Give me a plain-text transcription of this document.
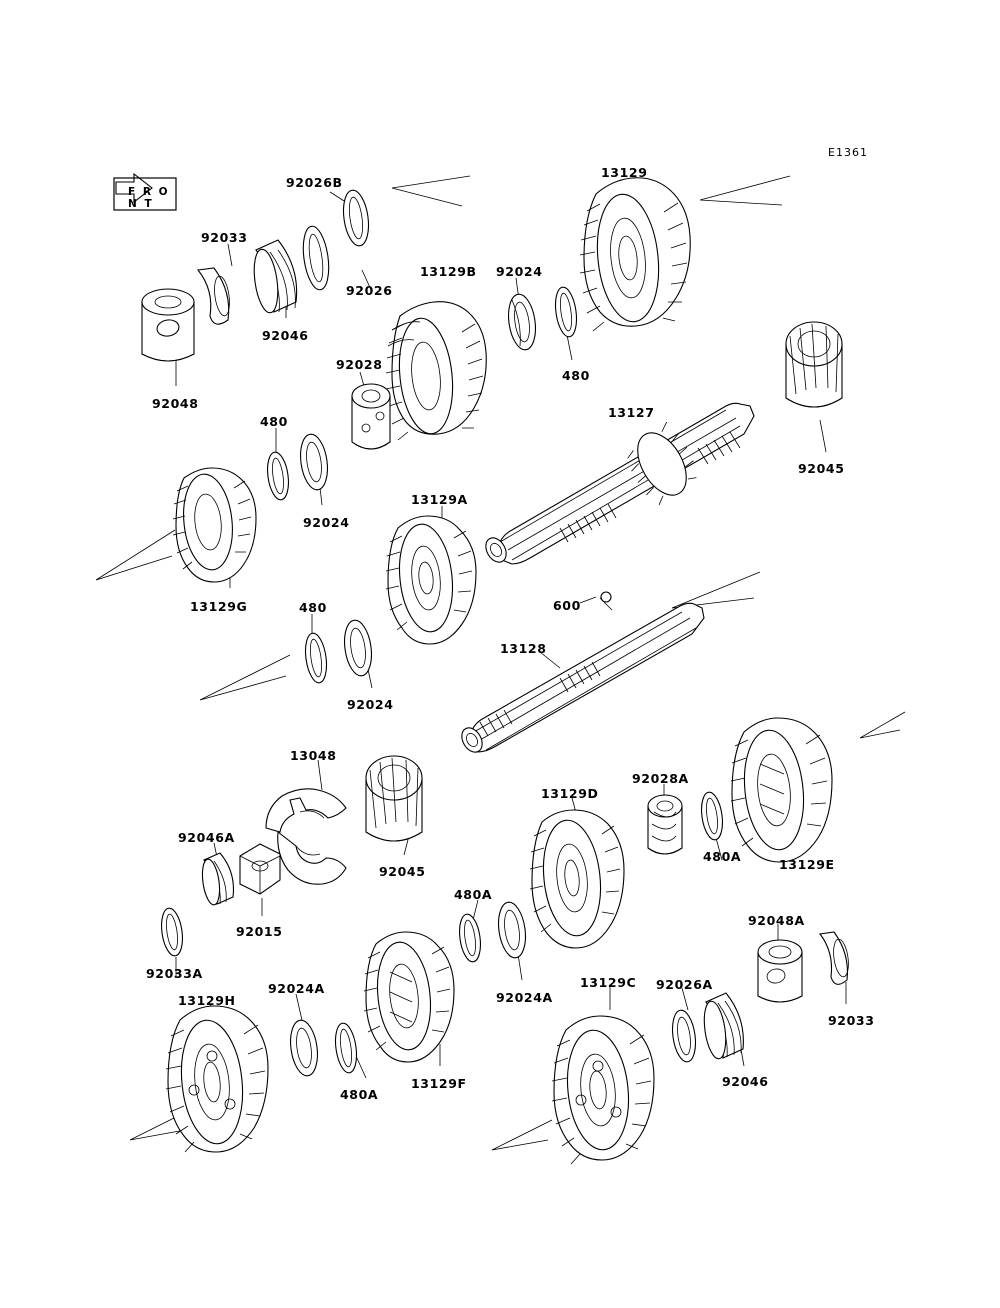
E1361
F R O N T
92026B
13129
92033
92026
13129B 92024
92046
92028
480
92048
13127
92045
480
92024
13129A
600
13129G	480
13128
92024
13048
13129D
92028A
92046A
92045
480A
13129E
92015
480A
92048A
92033A
92024A
13129C 92026A
92033
13129H
92024A
480A
13129F	92046
